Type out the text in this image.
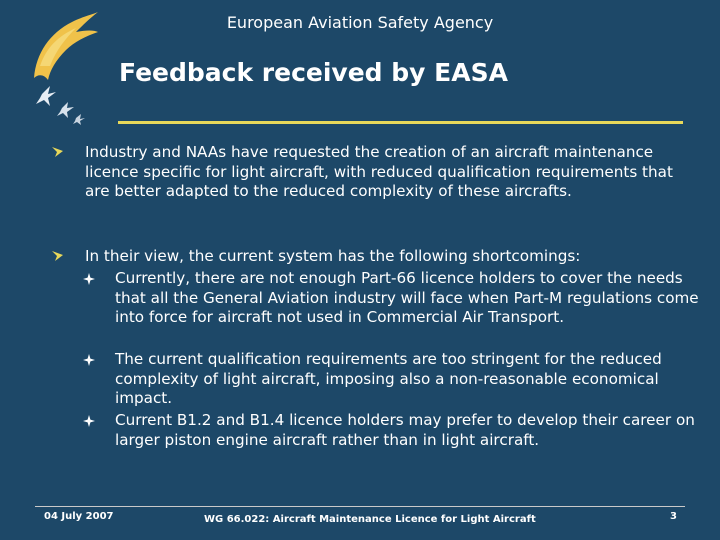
European Aviation Safety Agency
Feedback received by EASA
Industry and NAAs have requested the creation of an aircraft maintenance licence specific for light aircraft, with reduced qualification requirements that are better adapted to the reduced complexity of these aircrafts.
In their view, the current system has the following shortcomings:
Currently, there are not enough Part-66 licence holders to cover the needs that all the General Aviation industry will face when Part-M regulations come into force for aircraft not used in Commercial Air Transport.
The current qualification requirements are too stringent for the reduced complexity of light aircraft, imposing also a non-reasonable economical impact.
Current B1.2 and B1.4 licence holders may prefer to develop their career on larger piston engine aircraft rather than in light aircraft.
04 July 2007	WG 66.022: Aircraft Maintenance Licence for Light Aircraft	3
